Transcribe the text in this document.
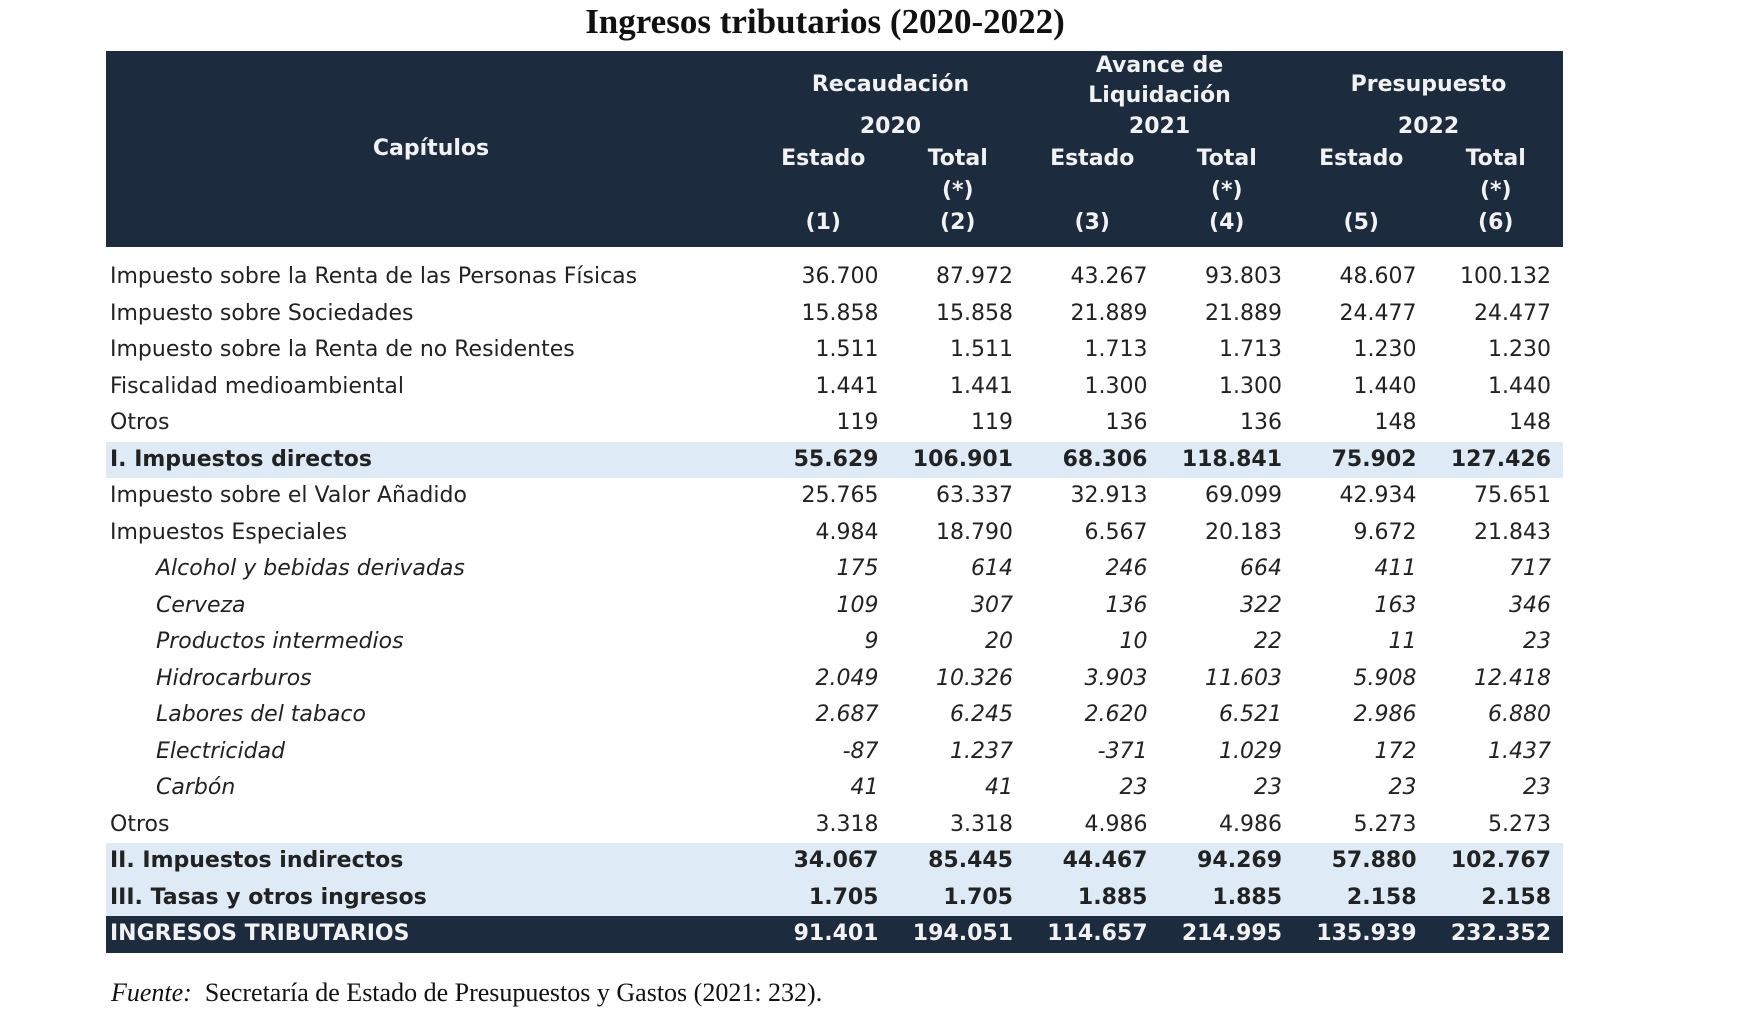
Ingresos tributarios (2020-2022)
Capítulos	Recaudación		Avance de Liquidación		Presupuesto	
	2020		2021		2022	
	Estado	Total	Estado	Total	Estado	Total
		(*)		(*)		(*)
	(1)	(2)	(3)	(4)	(5)	(6)

Impuesto sobre la Renta de las Personas Físicas	36.700	87.972	43.267	93.803	48.607	100.132
Impuesto sobre Sociedades	15.858	15.858	21.889	21.889	24.477	24.477
Impuesto sobre la Renta de no Residentes	1.511	1.511	1.713	1.713	1.230	1.230
Fiscalidad medioambiental	1.441	1.441	1.300	1.300	1.440	1.440
Otros	119	119	136	136	148	148
I. Impuestos directos	55.629	106.901	68.306	118.841	75.902	127.426
Impuesto sobre el Valor Añadido	25.765	63.337	32.913	69.099	42.934	75.651
Impuestos Especiales	4.984	18.790	6.567	20.183	9.672	21.843
Alcohol y bebidas derivadas	175	614	246	664	411	717
Cerveza	109	307	136	322	163	346
Productos intermedios	9	20	10	22	11	23
Hidrocarburos	2.049	10.326	3.903	11.603	5.908	12.418
Labores del tabaco	2.687	6.245	2.620	6.521	2.986	6.880
Electricidad	-87	1.237	-371	1.029	172	1.437
Carbón	41	41	23	23	23	23
Otros	3.318	3.318	4.986	4.986	5.273	5.273
II. Impuestos indirectos	34.067	85.445	44.467	94.269	57.880	102.767
III. Tasas y otros ingresos	1.705	1.705	1.885	1.885	2.158	2.158
INGRESOS TRIBUTARIOS	91.401	194.051	114.657	214.995	135.939	232.352
Fuente: Secretaría de Estado de Presupuestos y Gastos (2021: 232).
